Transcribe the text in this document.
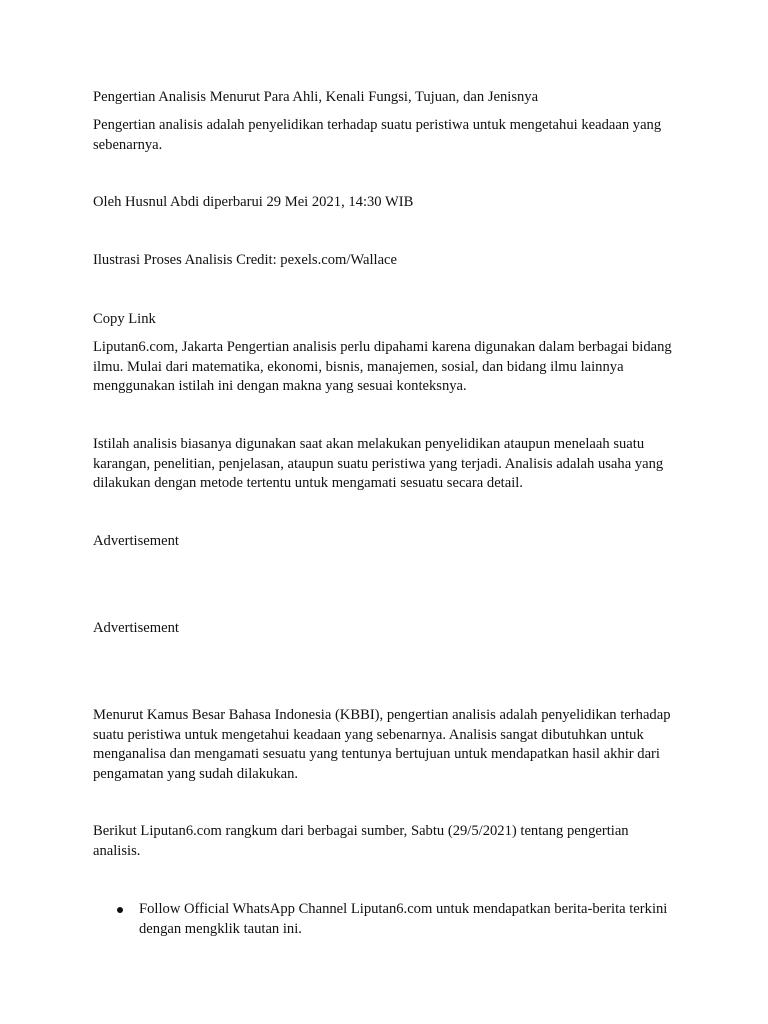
Pengertian Analisis Menurut Para Ahli, Kenali Fungsi, Tujuan, dan Jenisnya

Pengertian analisis adalah penyelidikan terhadap suatu peristiwa untuk mengetahui keadaan yang sebenarnya.

Oleh Husnul Abdi diperbarui 29 Mei 2021, 14:30 WIB

Ilustrasi Proses Analisis Credit: pexels.com/Wallace

Copy Link

Liputan6.com, Jakarta Pengertian analisis perlu dipahami karena digunakan dalam berbagai bidang ilmu. Mulai dari matematika, ekonomi, bisnis, manajemen, sosial, dan bidang ilmu lainnya menggunakan istilah ini dengan makna yang sesuai konteksnya.

Istilah analisis biasanya digunakan saat akan melakukan penyelidikan ataupun menelaah suatu karangan, penelitian, penjelasan, ataupun suatu peristiwa yang terjadi. Analisis adalah usaha yang dilakukan dengan metode tertentu untuk mengamati sesuatu secara detail.

Advertisement

Advertisement

Menurut Kamus Besar Bahasa Indonesia (KBBI), pengertian analisis adalah penyelidikan terhadap suatu peristiwa untuk mengetahui keadaan yang sebenarnya. Analisis sangat dibutuhkan untuk menganalisa dan mengamati sesuatu yang tentunya bertujuan untuk mendapatkan hasil akhir dari pengamatan yang sudah dilakukan.

Berikut Liputan6.com rangkum dari berbagai sumber, Sabtu (29/5/2021) tentang pengertian analisis.

Follow Official WhatsApp Channel Liputan6.com untuk mendapatkan berita-berita terkini dengan mengklik tautan ini.
